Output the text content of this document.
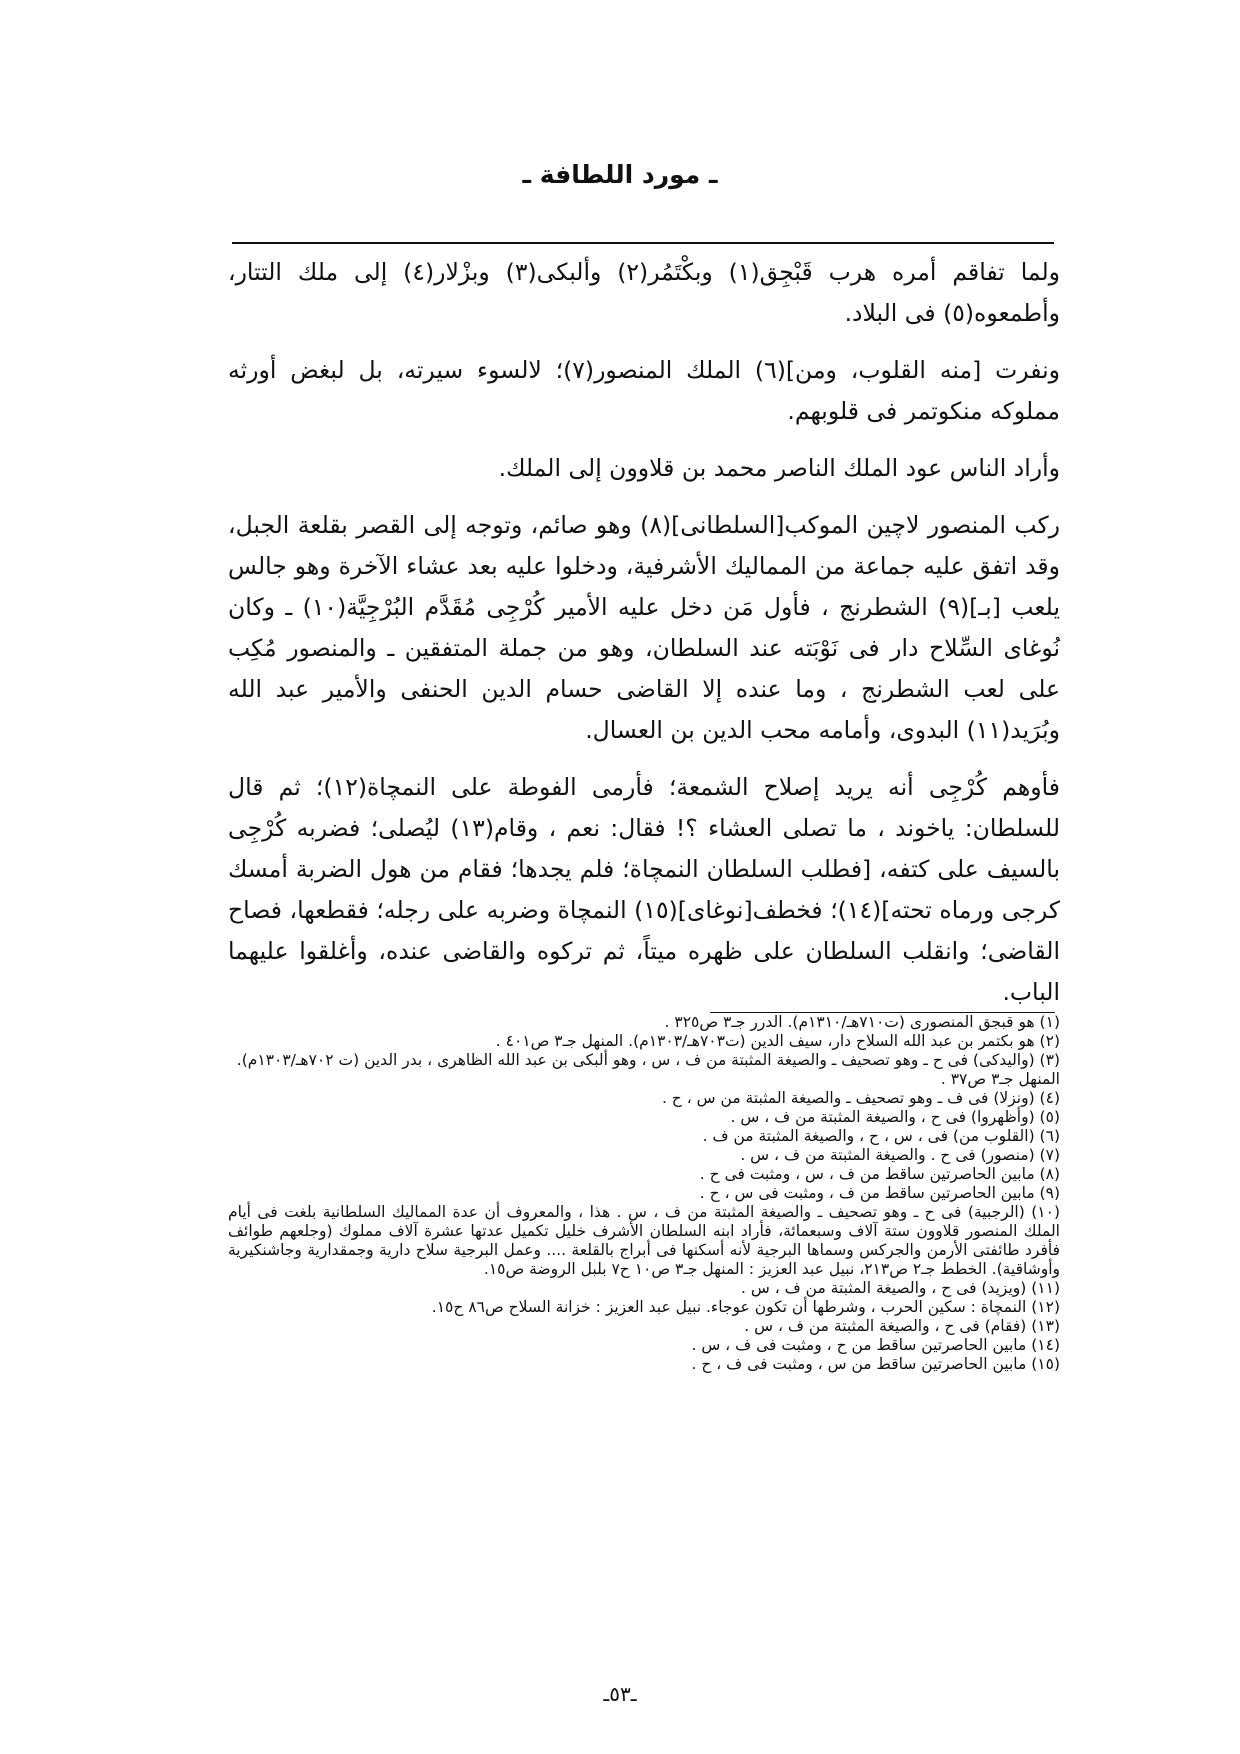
ـ مورد اللطافة ـ

ولما تفاقم أمره هرب قَبْجِق(١) وبكْتَمُر(٢) وألبكى(٣) وبزْلار(٤) إلى ملك التتار، وأطمعوه(٥) فى البلاد.

ونفرت [منه القلوب، ومن](٦) الملك المنصور(٧)؛ لالسوء سيرته، بل لبغض أورثه مملوكه منكوتمر فى قلوبهم.

وأراد الناس عود الملك الناصر محمد بن قلاوون إلى الملك.

ركب المنصور لاچين الموكب[السلطانى](٨) وهو صائم، وتوجه إلى القصر بقلعة الجبل، وقد اتفق عليه جماعة من المماليك الأشرفية، ودخلوا عليه بعد عشاء الآخرة وهو جالس يلعب [بـ](٩) الشطرنج ، فأول مَن دخل عليه الأمير كُرْجِى مُقَدَّم البُرْجِيَّة(١٠) ـ وكان نُوغاى السِّلاح دار فى نَوْبَته عند السلطان، وهو من جملة المتفقين ـ والمنصور مُكِب على لعب الشطرنج ، وما عنده إلا القاضى حسام الدين الحنفى والأمير عبد الله وبُرَيد(١١) البدوى، وأمامه محب الدين بن العسال.

فأوهم كُرْجِى أنه يريد إصلاح الشمعة؛ فأرمى الفوطة على النمچاة(١٢)؛ ثم قال للسلطان: ياخوند ، ما تصلى العشاء ؟! فقال: نعم ، وقام(١٣) ليُصلى؛ فضربه كُرْجِى بالسيف على كتفه، [فطلب السلطان النمچاة؛ فلم يجدها؛ فقام من هول الضربة أمسك كرجى ورماه تحته](١٤)؛ فخطف[نوغاى](١٥) النمچاة وضربه على رجله؛ فقطعها، فصاح القاضى؛ وانقلب السلطان على ظهره ميتاً، ثم تركوه والقاضى عنده، وأغلقوا عليهما الباب.

(١) هو قبجق المنصورى (ت٧١٠هـ/١٣١٠م). الدرر جـ٣ ص٣٢٥ .

(٢) هو بكتمر بن عبد الله السلاح دار، سيف الدين (ت٧٠٣هـ/١٣٠٣م). المنهل جـ٣ ص٤٠١ .

(٣) (واليدكى) فى ح ـ وهو تصحيف ـ والصيغة المثبتة من ف ، س ، وهو ألبكى بن عبد الله الظاهرى ، بدر الدين (ت ٧٠٢هـ/١٣٠٣م). المنهل جـ٣ ص٣٧ .

(٤) (ونزلا) فى ف ـ وهو تصحيف ـ والصيغة المثبتة من س ، ح .

(٥) (وأظهروا) فى ح ، والصيغة المثبتة من ف ، س .

(٦) (القلوب من) فى ، س ، ح ، والصيغة المثبتة من ف .

(٧) (منصور) فى ح . والصيغة المثبتة من ف ، س .

(٨) مابين الحاصرتين ساقط من ف ، س ، ومثبت فى ح .

(٩) مابين الحاصرتين ساقط من ف ، ومثبت فى س ، ح .

(١٠) (الرجبية) فى ح ـ وهو تصحيف ـ والصيغة المثبتة من ف ، س . هذا ، والمعروف أن عدة المماليك السلطانية بلغت فى أيام الملك المنصور قلاوون ستة آلاف وسبعمائة، فأراد ابنه السلطان الأشرف خليل تكميل عدتها عشرة آلاف مملوك (وجلعهم طوائف فأفرد طائفتى الأرمن والجركس وسماها البرجية لأنه أسكنها فى أبراج بالقلعة .... وعمل البرجية سلاح دارية وجمقدارية وجاشنكيرية وأوشاقية). الخطط جـ٢ ص٢١٣، نبيل عبد العزيز : المنهل جـ٣ ص١٠ ح٧ بلبل الروضة ص١٥.

(١١) (ويزيد) فى ح ، والصيغة المثبتة من ف ، س .

(١٢) النمچاة : سكين الحرب ، وشرطها أن تكون عوجاء. نبيل عبد العزيز : خزانة السلاح ص٨٦ ح١٥.

(١٣) (فقام) فى ح ، والصيغة المثبتة من ف ، س .

(١٤) مابين الحاصرتين ساقط من ح ، ومثبت فى ف ، س .

(١٥) مابين الحاصرتين ساقط من س ، ومثبت فى ف ، ح .

ـ٥٣ـ
